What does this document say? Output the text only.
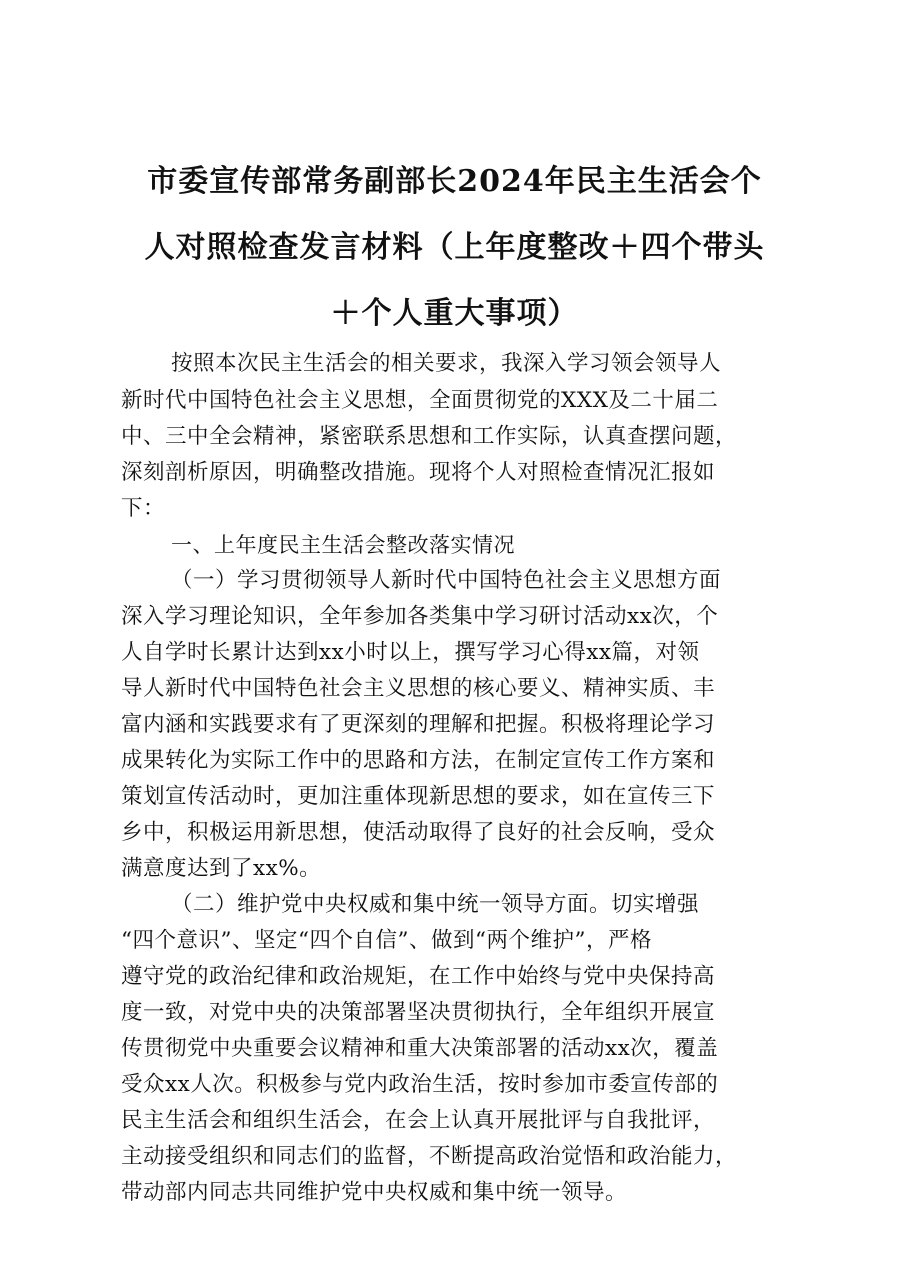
市委宣传部常务副部长2024年民主生活会个
人对照检查发言材料（上年度整改＋四个带头
＋个人重大事项）
按照本次民主生活会的相关要求，我深入学习领会领导人
新时代中国特色社会主义思想，全面贯彻党的XXX及二十届二
中、三中全会精神，紧密联系思想和工作实际，认真查摆问题，
深刻剖析原因，明确整改措施。现将个人对照检查情况汇报如
下：
一、上年度民主生活会整改落实情况
（一）学习贯彻领导人新时代中国特色社会主义思想方面
深入学习理论知识，全年参加各类集中学习研讨活动xx次，个
人自学时长累计达到xx小时以上，撰写学习心得xx篇，对领
导人新时代中国特色社会主义思想的核心要义、精神实质、丰
富内涵和实践要求有了更深刻的理解和把握。积极将理论学习
成果转化为实际工作中的思路和方法，在制定宣传工作方案和
策划宣传活动时，更加注重体现新思想的要求，如在宣传三下
乡中，积极运用新思想，使活动取得了良好的社会反响，受众
满意度达到了xx%。
（二）维护党中央权威和集中统一领导方面。切实增强
“四个意识”、坚定“四个自信”、做到“两个维护”，严格
遵守党的政治纪律和政治规矩，在工作中始终与党中央保持高
度一致，对党中央的决策部署坚决贯彻执行，全年组织开展宣
传贯彻党中央重要会议精神和重大决策部署的活动xx次，覆盖
受众xx人次。积极参与党内政治生活，按时参加市委宣传部的
民主生活会和组织生活会，在会上认真开展批评与自我批评，
主动接受组织和同志们的监督，不断提高政治觉悟和政治能力，
带动部内同志共同维护党中央权威和集中统一领导。
